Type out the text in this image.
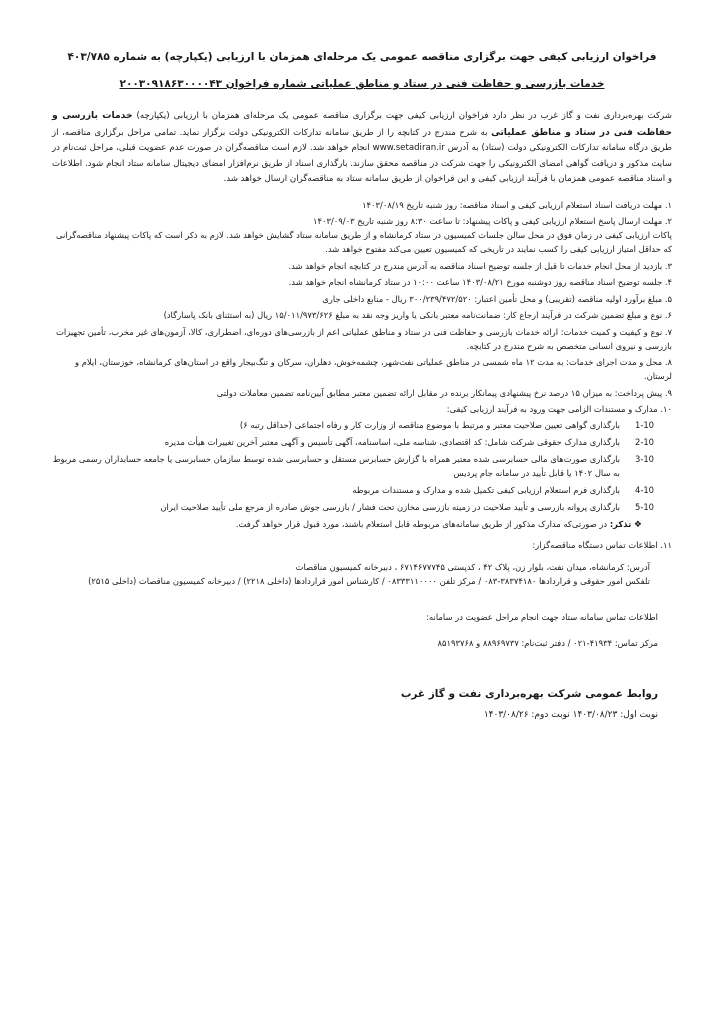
فراخوان ارزیابی کیفی جهت برگزاری مناقصه عمومی یک مرحله‌ای همزمان با ارزیابی (یکپارچه) به شماره ۴۰۳/۷۸۵
خدمات بازرسی و حفاظت فنی در ستاد و مناطق عملیاتی شماره فراخوان ۲۰۰۳۰۹۱۸۶۳۰۰۰۰۴۳

شرکت بهره‌برداری نفت و گاز غرب در نظر دارد فراخوان ارزیابی کیفی جهت برگزاری مناقصه عمومی یک مرحله‌ای همزمان با ارزیابی (یکپارچه) خدمات بازرسی و حفاظت فنی در ستاد و مناطق عملیاتی به شرح مندرج در کتابچه را از طریق سامانه تدارکات الکترونیکی دولت برگزار نماید. تمامی مراحل برگزاری مناقصه، از طریق درگاه سامانه تدارکات الکترونیکی دولت (ستاد) به آدرس www.setadiran.ir انجام خواهد شد. لازم است مناقصه‌گران در صورت عدم عضویت قبلی، مراحل ثبت‌نام در سایت مذکور و دریافت گواهی امضای الکترونیکی را جهت شرکت در مناقصه محقق سازند. بارگذاری اسناد از طریق نرم‌افزار امضای دیجیتال سامانه ستاد انجام شود. اطلاعات و اسناد مناقصه عمومی همزمان با فرآیند ارزیابی کیفی و این فراخوان از طریق سامانه ستاد به مناقصه‌گران ارسال خواهد شد.

۱. مهلت دریافت اسناد استعلام ارزیابی کیفی و اسناد مناقصه: روز شنبه تاریخ ۱۴۰۳/۰۸/۱۹
۲. مهلت ارسال پاسخ استعلام ارزیابی کیفی و پاکات پیشنهاد: تا ساعت ۸:۳۰ روز شنبه تاریخ ۱۴۰۳/۰۹/۰۳
پاکات ارزیابی کیفی در زمان فوق در محل سالن جلسات کمیسیون در ستاد کرمانشاه و از طریق سامانه ستاد گشایش خواهد شد. لازم به ذکر است که پاکات پیشنهاد مناقصه‌گرانی که حداقل امتیاز ارزیابی کیفی را کسب نمایند در تاریخی که کمیسیون تعیین می‌کند مفتوح خواهد شد.
۳. بازدید از محل انجام خدمات تا قبل از جلسه توضیح اسناد مناقصه به آدرس مندرج در کتابچه انجام خواهد شد.
۴. جلسه توضیح اسناد مناقصه روز دوشنبه مورخ ۱۴۰۳/۰۸/۲۱ ساعت ۱۰:۰۰ در ستاد کرمانشاه انجام خواهد شد.
۵. مبلغ برآورد اولیه مناقصه (تقریبی) و محل تأمین اعتبار: ۳۰۰/۲۳۹/۴۷۲/۵۲۰ ریال - منابع داخلی جاری
۶. نوع و مبلغ تضمین شرکت در فرآیند ارجاع کار: ضمانت‌نامه معتبر بانکی یا واریز وجه نقد به مبلغ ۱۵/۰۱۱/۹۷۳/۶۲۶ ریال (به استثنای بانک پاسارگاد)
۷. نوع و کیفیت و کمیت خدمات: ارائه خدمات بازرسی و حفاظت فنی در ستاد و مناطق عملیاتی اعم از بازرسی‌های دوره‌ای، اضطراری، کالا، آزمون‌های غیر مخرب، تأمین تجهیزات بازرسی و نیروی انسانی متخصص به شرح مندرج در کتابچه.
۸. محل و مدت اجرای خدمات: به مدت ۱۲ ماه شمسی در مناطق عملیاتی نفت‌شهر، چشمه‌خوش، دهلران، سرکان و تنگ‌بیجار واقع در استان‌های کرمانشاه، خوزستان، ایلام و لرستان.
۹. پیش پرداخت: به میزان ۱۵ درصد نرخ پیشنهادی پیمانکار برنده در مقابل ارائه تضمین معتبر مطابق آیین‌نامه تضمین معاملات دولتی
۱۰. مدارک و مستندات الزامی جهت ورود به فرآیند ارزیابی کیفی:
1-10
بارگذاری گواهی تعیین صلاحیت معتبر و مرتبط با موضوع مناقصه از وزارت کار و رفاه اجتماعی (حداقل رتبه ۶)
2-10
بارگذاری مدارک حقوقی شرکت شامل: کد اقتصادی، شناسه ملی، اساسنامه، آگهی تأسیس و آگهی معتبر آخرین تغییرات هیأت مدیره
3-10
بارگذاری صورت‌های مالی حسابرسی شده معتبر همراه با گزارش حسابرس مستقل و حسابرسی شده توسط سازمان حسابرسی یا جامعه حسابداران رسمی مربوط به سال ۱۴۰۲ یا قابل تأیید در سامانه جام پردیس
4-10
بارگذاری فرم استعلام ارزیابی کیفی تکمیل شده و مدارک و مستندات مربوطه
5-10
بارگذاری پروانه بازرسی و تأیید صلاحیت در زمینه بازرسی مخازن تحت فشار / بازرسی جوش صادره از مرجع ملی تأیید صلاحیت ایران
❖ تذکر: در صورتی‌که مدارک مذکور از طریق سامانه‌های مربوطه قابل استعلام باشند، مورد قبول قرار خواهد گرفت.
۱۱. اطلاعات تماس دستگاه مناقصه‌گزار:
آدرس: کرمانشاه، میدان نفت، بلوار زن، پلاک ۴۲ ، کدپستی ۶۷۱۴۶۷۷۷۴۵ ، دبیرخانه کمیسیون مناقصات
تلفکس امور حقوقی و قراردادها ۳۸۳۷۴۱۸۰-۰۸۳ / مرکز تلفن ۰۸۳۳۳۱۱۰۰۰۰ / کارشناس امور قراردادها (داخلی ۲۲۱۸) / دبیرخانه کمیسیون مناقصات (داخلی ۲۵۱۵)

اطلاعات تماس سامانه ستاد جهت انجام مراحل عضویت در سامانه:

مرکز تماس: ۴۱۹۳۴-۰۲۱ / دفتر ثبت‌نام: ۸۸۹۶۹۷۳۷ و ۸۵۱۹۳۷۶۸

روابط عمومی شرکت بهره‌برداری نفت و گاز غرب
نوبت اول: ۱۴۰۳/۰۸/۲۳ نوبت دوم: ۱۴۰۳/۰۸/۲۶
